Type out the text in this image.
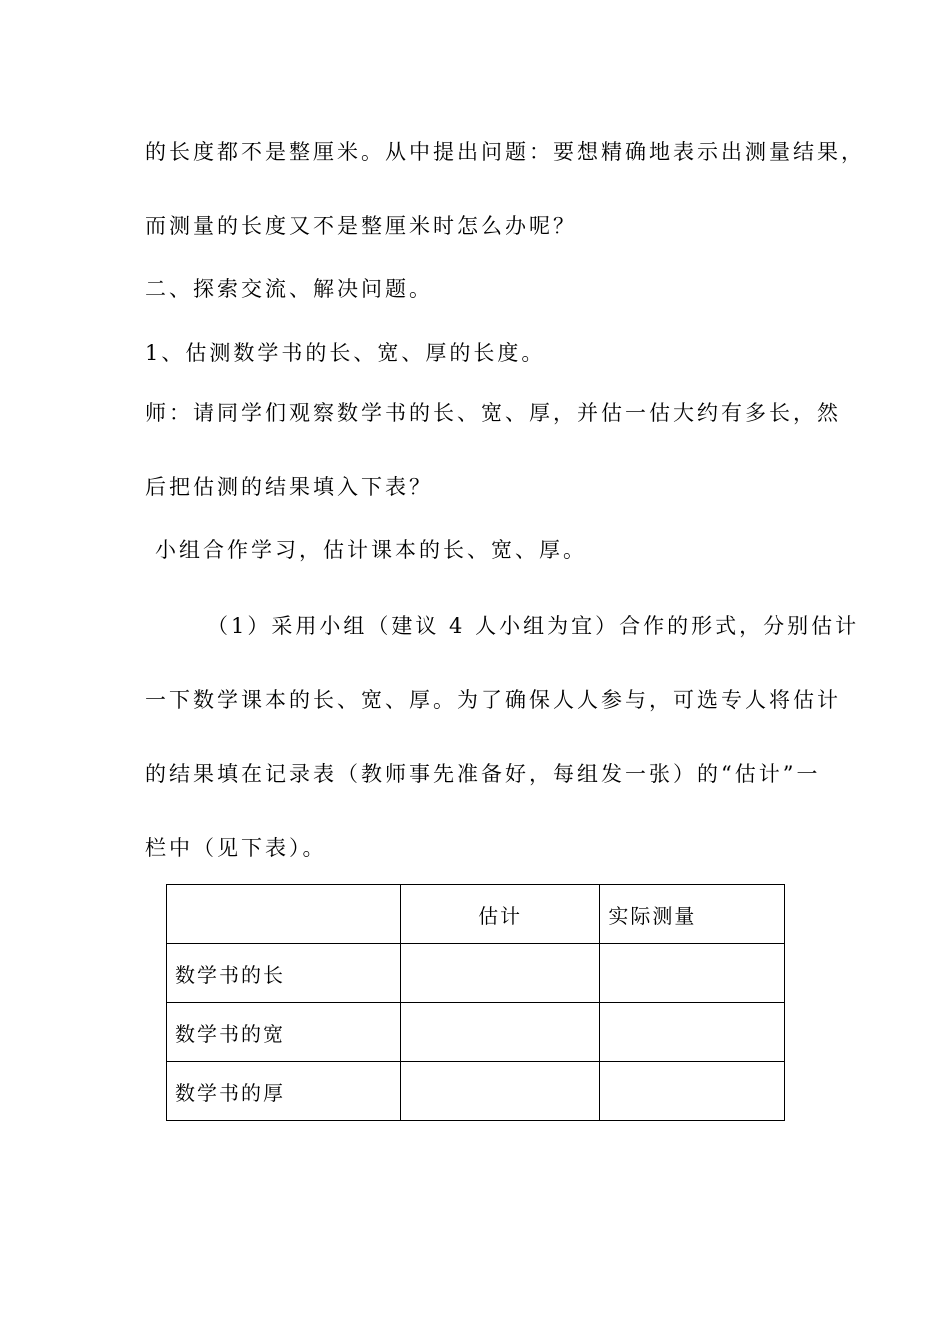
的长度都不是整厘米。从中提出问题：要想精确地表示出测量结果，
而测量的长度又不是整厘米时怎么办呢？
二、探索交流、解决问题。
1、估测数学书的长、宽、厚的长度。
师：请同学们观察数学书的长、宽、厚，并估一估大约有多长，然
后把估测的结果填入下表？
小组合作学习，估计课本的长、宽、厚。
（1）采用小组（建议 4 人小组为宜）合作的形式，分别估计
一下数学课本的长、宽、厚。为了确保人人参与，可选专人将估计
的结果填在记录表（教师事先准备好，每组发一张）的“估计”一
栏中（见下表）。
	估计	实际测量
数学书的长		
数学书的宽		
数学书的厚		
